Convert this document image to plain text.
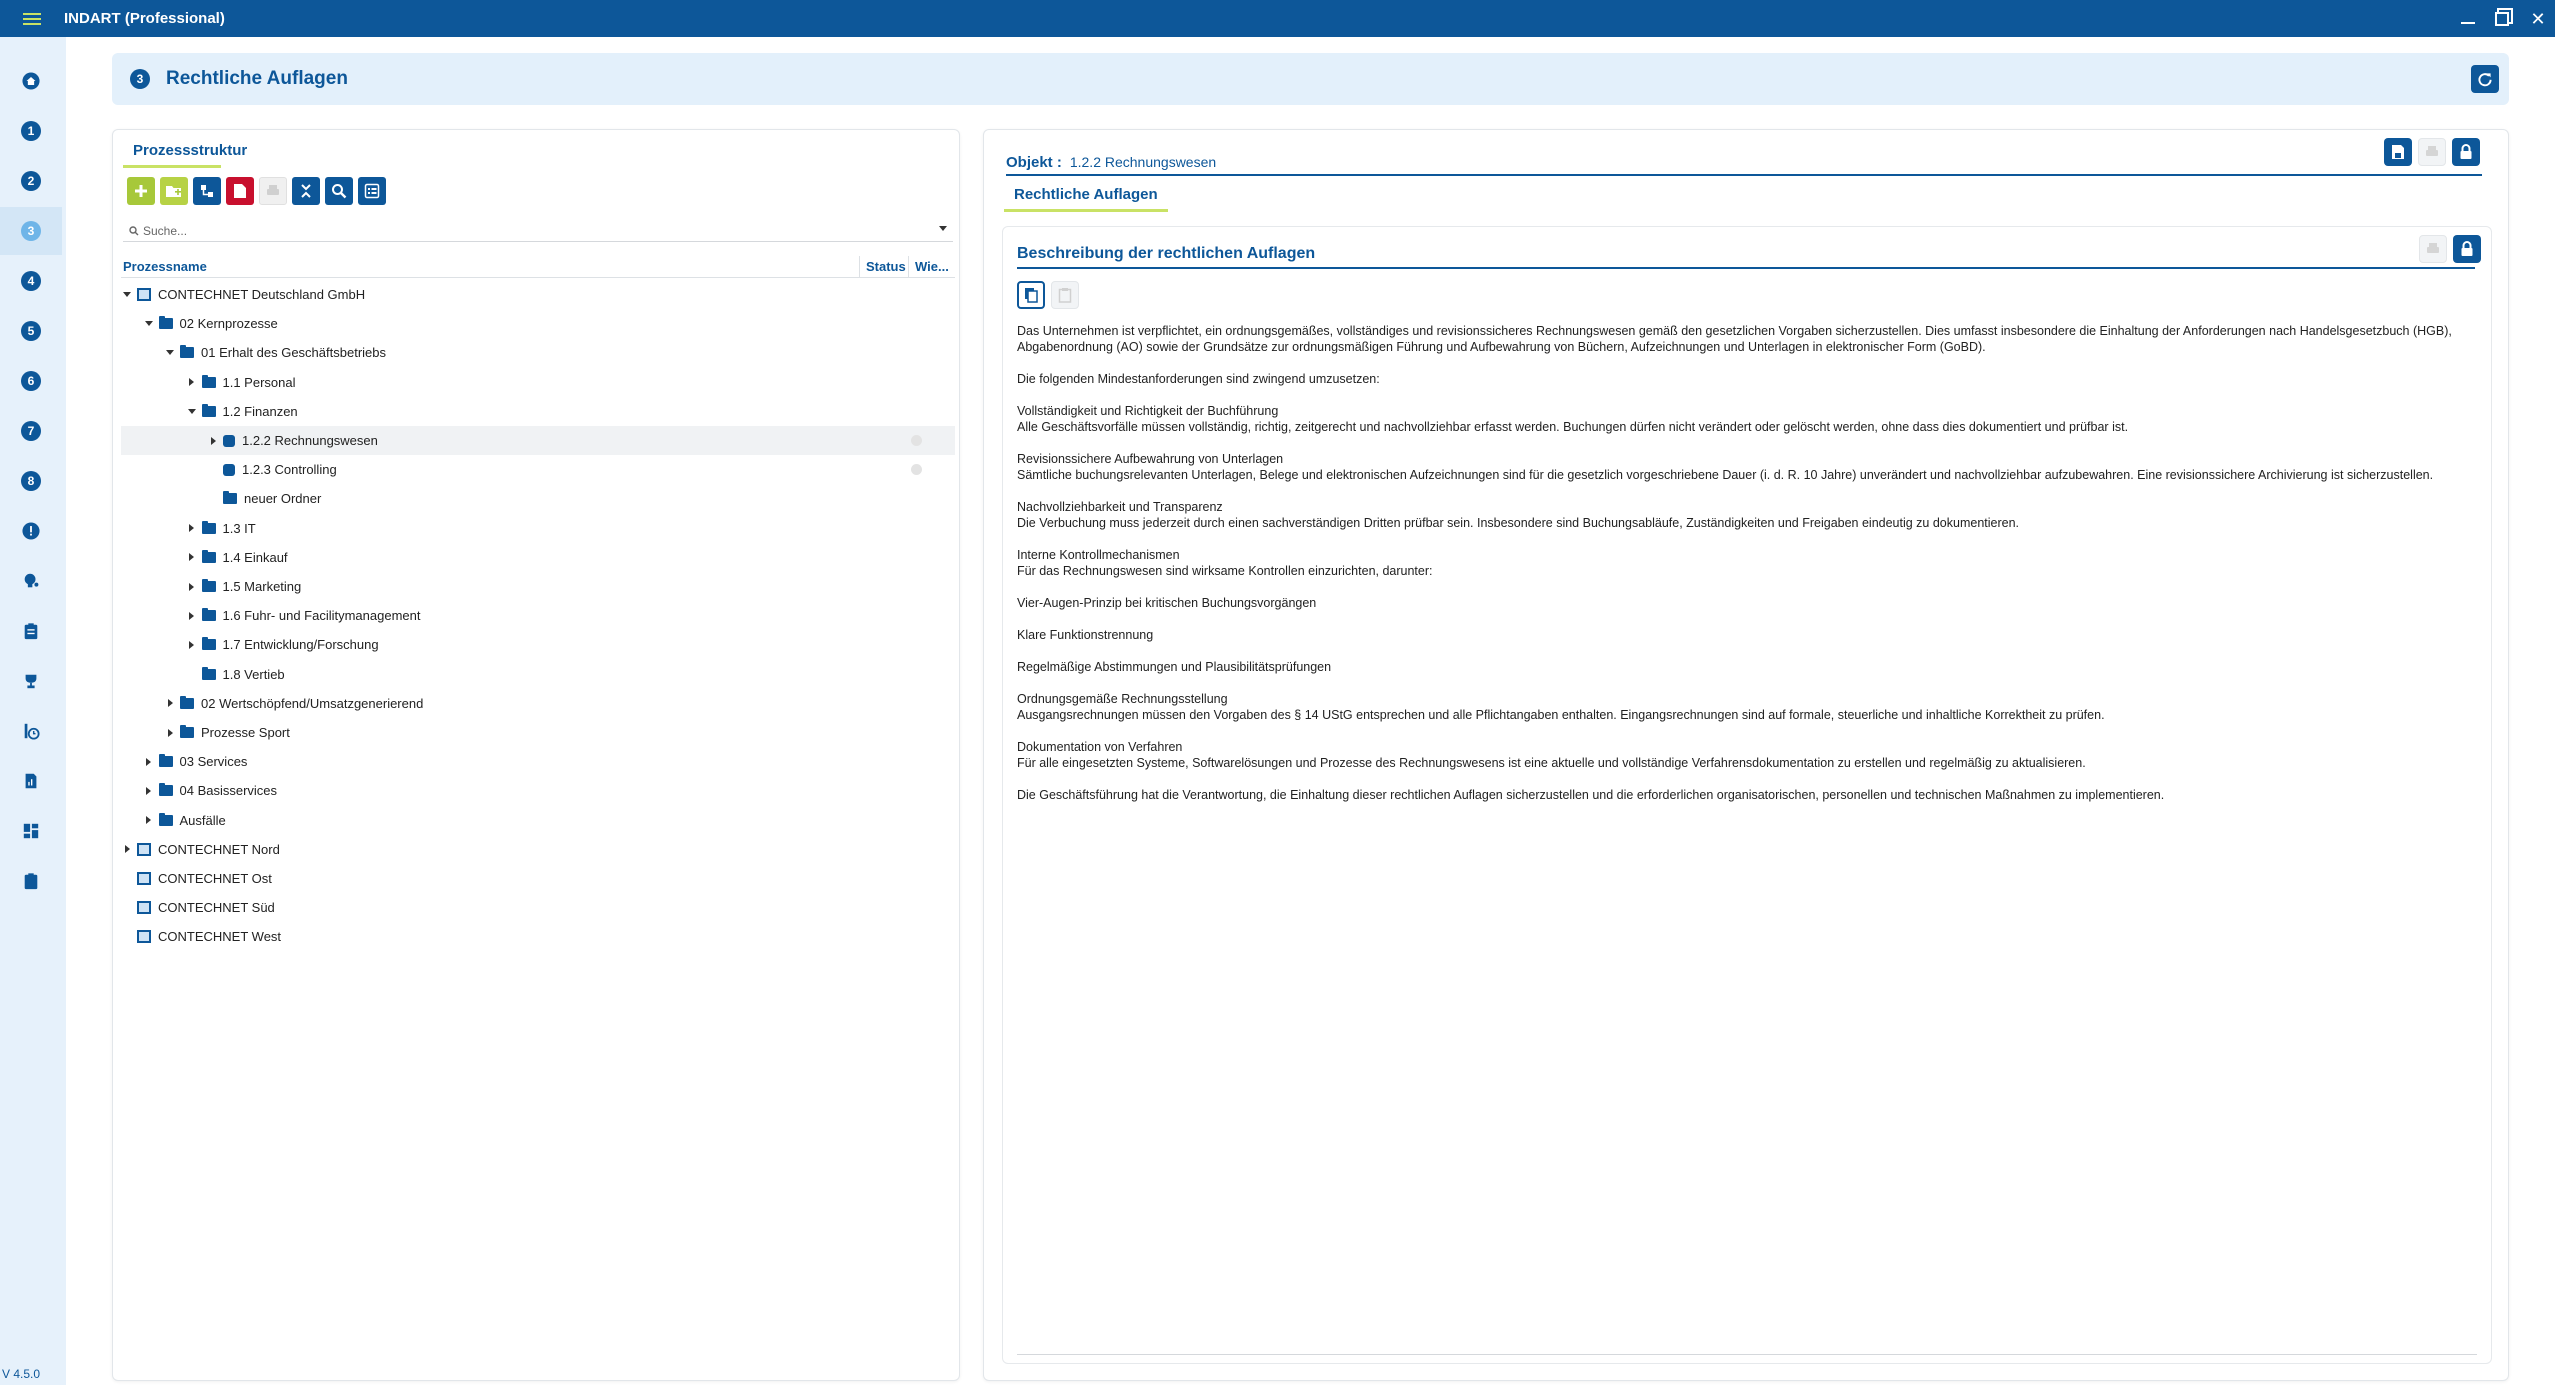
INDART (Professional)	✕
1
2
3
4
5
6
7
8
V 4.5.0
3	Rechtliche Auflagen
Prozessstruktur
Suche...
Prozessname	Status Wie...
CONTECHNET Deutschland GmbH
02 Kernprozesse
01 Erhalt des Geschäftsbetriebs
1.1 Personal
1.2 Finanzen
1.2.2 Rechnungswesen
1.2.3 Controlling
neuer Ordner
1.3 IT
1.4 Einkauf
1.5 Marketing
1.6 Fuhr- und Facilitymanagement
1.7 Entwicklung/Forschung
1.8 Vertieb
02 Wertschöpfend/Umsatzgenerierend
Prozesse Sport
03 Services
04 Basisservices
Ausfälle
CONTECHNET Nord
CONTECHNET Ost
CONTECHNET Süd
CONTECHNET West
Objekt : 1.2.2 Rechnungswesen
Rechtliche Auflagen
Beschreibung der rechtlichen Auflagen

Das Unternehmen ist verpflichtet, ein ordnungsgemäßes, vollständiges und revisionssicheres Rechnungswesen gemäß den gesetzlichen Vorgaben sicherzustellen. Dies umfasst insbesondere die Einhaltung der Anforderungen nach Handelsgesetzbuch (HGB), Abgabenordnung (AO) sowie der Grundsätze zur ordnungsmäßigen Führung und Aufbewahrung von Büchern, Aufzeichnungen und Unterlagen in elektronischer Form (GoBD).

Die folgenden Mindestanforderungen sind zwingend umzusetzen:

Vollständigkeit und Richtigkeit der Buchführung

Alle Geschäftsvorfälle müssen vollständig, richtig, zeitgerecht und nachvollziehbar erfasst werden. Buchungen dürfen nicht verändert oder gelöscht werden, ohne dass dies dokumentiert und prüfbar ist.

Revisionssichere Aufbewahrung von Unterlagen

Sämtliche buchungsrelevanten Unterlagen, Belege und elektronischen Aufzeichnungen sind für die gesetzlich vorgeschriebene Dauer (i. d. R. 10 Jahre) unverändert und nachvollziehbar aufzubewahren. Eine revisionssichere Archivierung ist sicherzustellen.

Nachvollziehbarkeit und Transparenz

Die Verbuchung muss jederzeit durch einen sachverständigen Dritten prüfbar sein. Insbesondere sind Buchungsabläufe, Zuständigkeiten und Freigaben eindeutig zu dokumentieren.

Interne Kontrollmechanismen

Für das Rechnungswesen sind wirksame Kontrollen einzurichten, darunter:

Vier-Augen-Prinzip bei kritischen Buchungsvorgängen

Klare Funktionstrennung

Regelmäßige Abstimmungen und Plausibilitätsprüfungen

Ordnungsgemäße Rechnungsstellung

Ausgangsrechnungen müssen den Vorgaben des § 14 UStG entsprechen und alle Pflichtangaben enthalten. Eingangsrechnungen sind auf formale, steuerliche und inhaltliche Korrektheit zu prüfen.

Dokumentation von Verfahren

Für alle eingesetzten Systeme, Softwarelösungen und Prozesse des Rechnungswesens ist eine aktuelle und vollständige Verfahrensdokumentation zu erstellen und regelmäßig zu aktualisieren.

Die Geschäftsführung hat die Verantwortung, die Einhaltung dieser rechtlichen Auflagen sicherzustellen und die erforderlichen organisatorischen, personellen und technischen Maßnahmen zu implementieren.
